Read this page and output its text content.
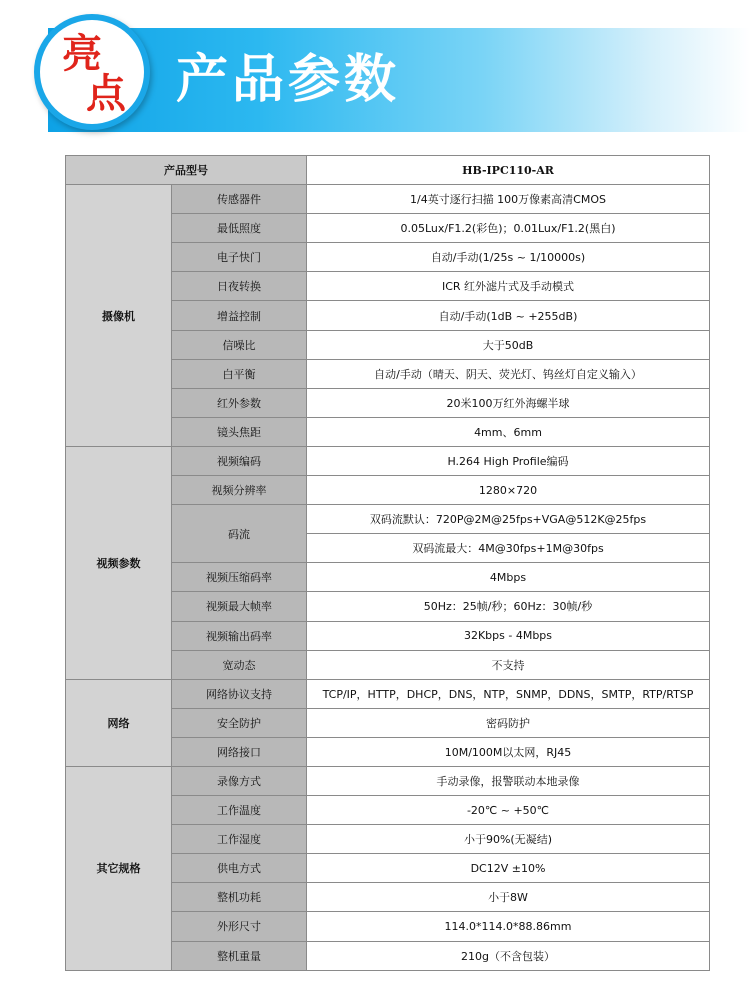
产品参数
亮
点
产品型号		HB-IPC110-AR
摄像机	传感器件	1/4英寸逐行扫描 100万像素高清CMOS
	最低照度	0.05Lux/F1.2(彩色)；0.01Lux/F1.2(黑白)
	电子快门	自动/手动(1/25s ~ 1/10000s)
	日夜转换	ICR 红外滤片式及手动模式
	增益控制	自动/手动(1dB ~ +255dB)
	信噪比	大于50dB
	白平衡	自动/手动（晴天、阴天、荧光灯、钨丝灯自定义输入）
	红外参数	20米100万红外海螺半球
	镜头焦距	4mm、6mm
视频参数	视频编码	H.264 High Profile编码
	视频分辨率	1280×720
	码流	双码流默认：720P@2M@25fps+VGA@512K@25fps
		双码流最大：4M@30fps+1M@30fps
	视频压缩码率	4Mbps
	视频最大帧率	50Hz：25帧/秒；60Hz：30帧/秒
	视频输出码率	32Kbps - 4Mbps
	宽动态	不支持
网络	网络协议支持	TCP/IP，HTTP，DHCP，DNS，NTP，SNMP，DDNS，SMTP，RTP/RTSP
	安全防护	密码防护
	网络接口	10M/100M以太网，RJ45
其它规格	录像方式	手动录像，报警联动本地录像
	工作温度	-20℃ ~ +50℃
	工作湿度	小于90%(无凝结)
	供电方式	DC12V ±10%
	整机功耗	小于8W
	外形尺寸	114.0*114.0*88.86mm
	整机重量	210g（不含包装）
